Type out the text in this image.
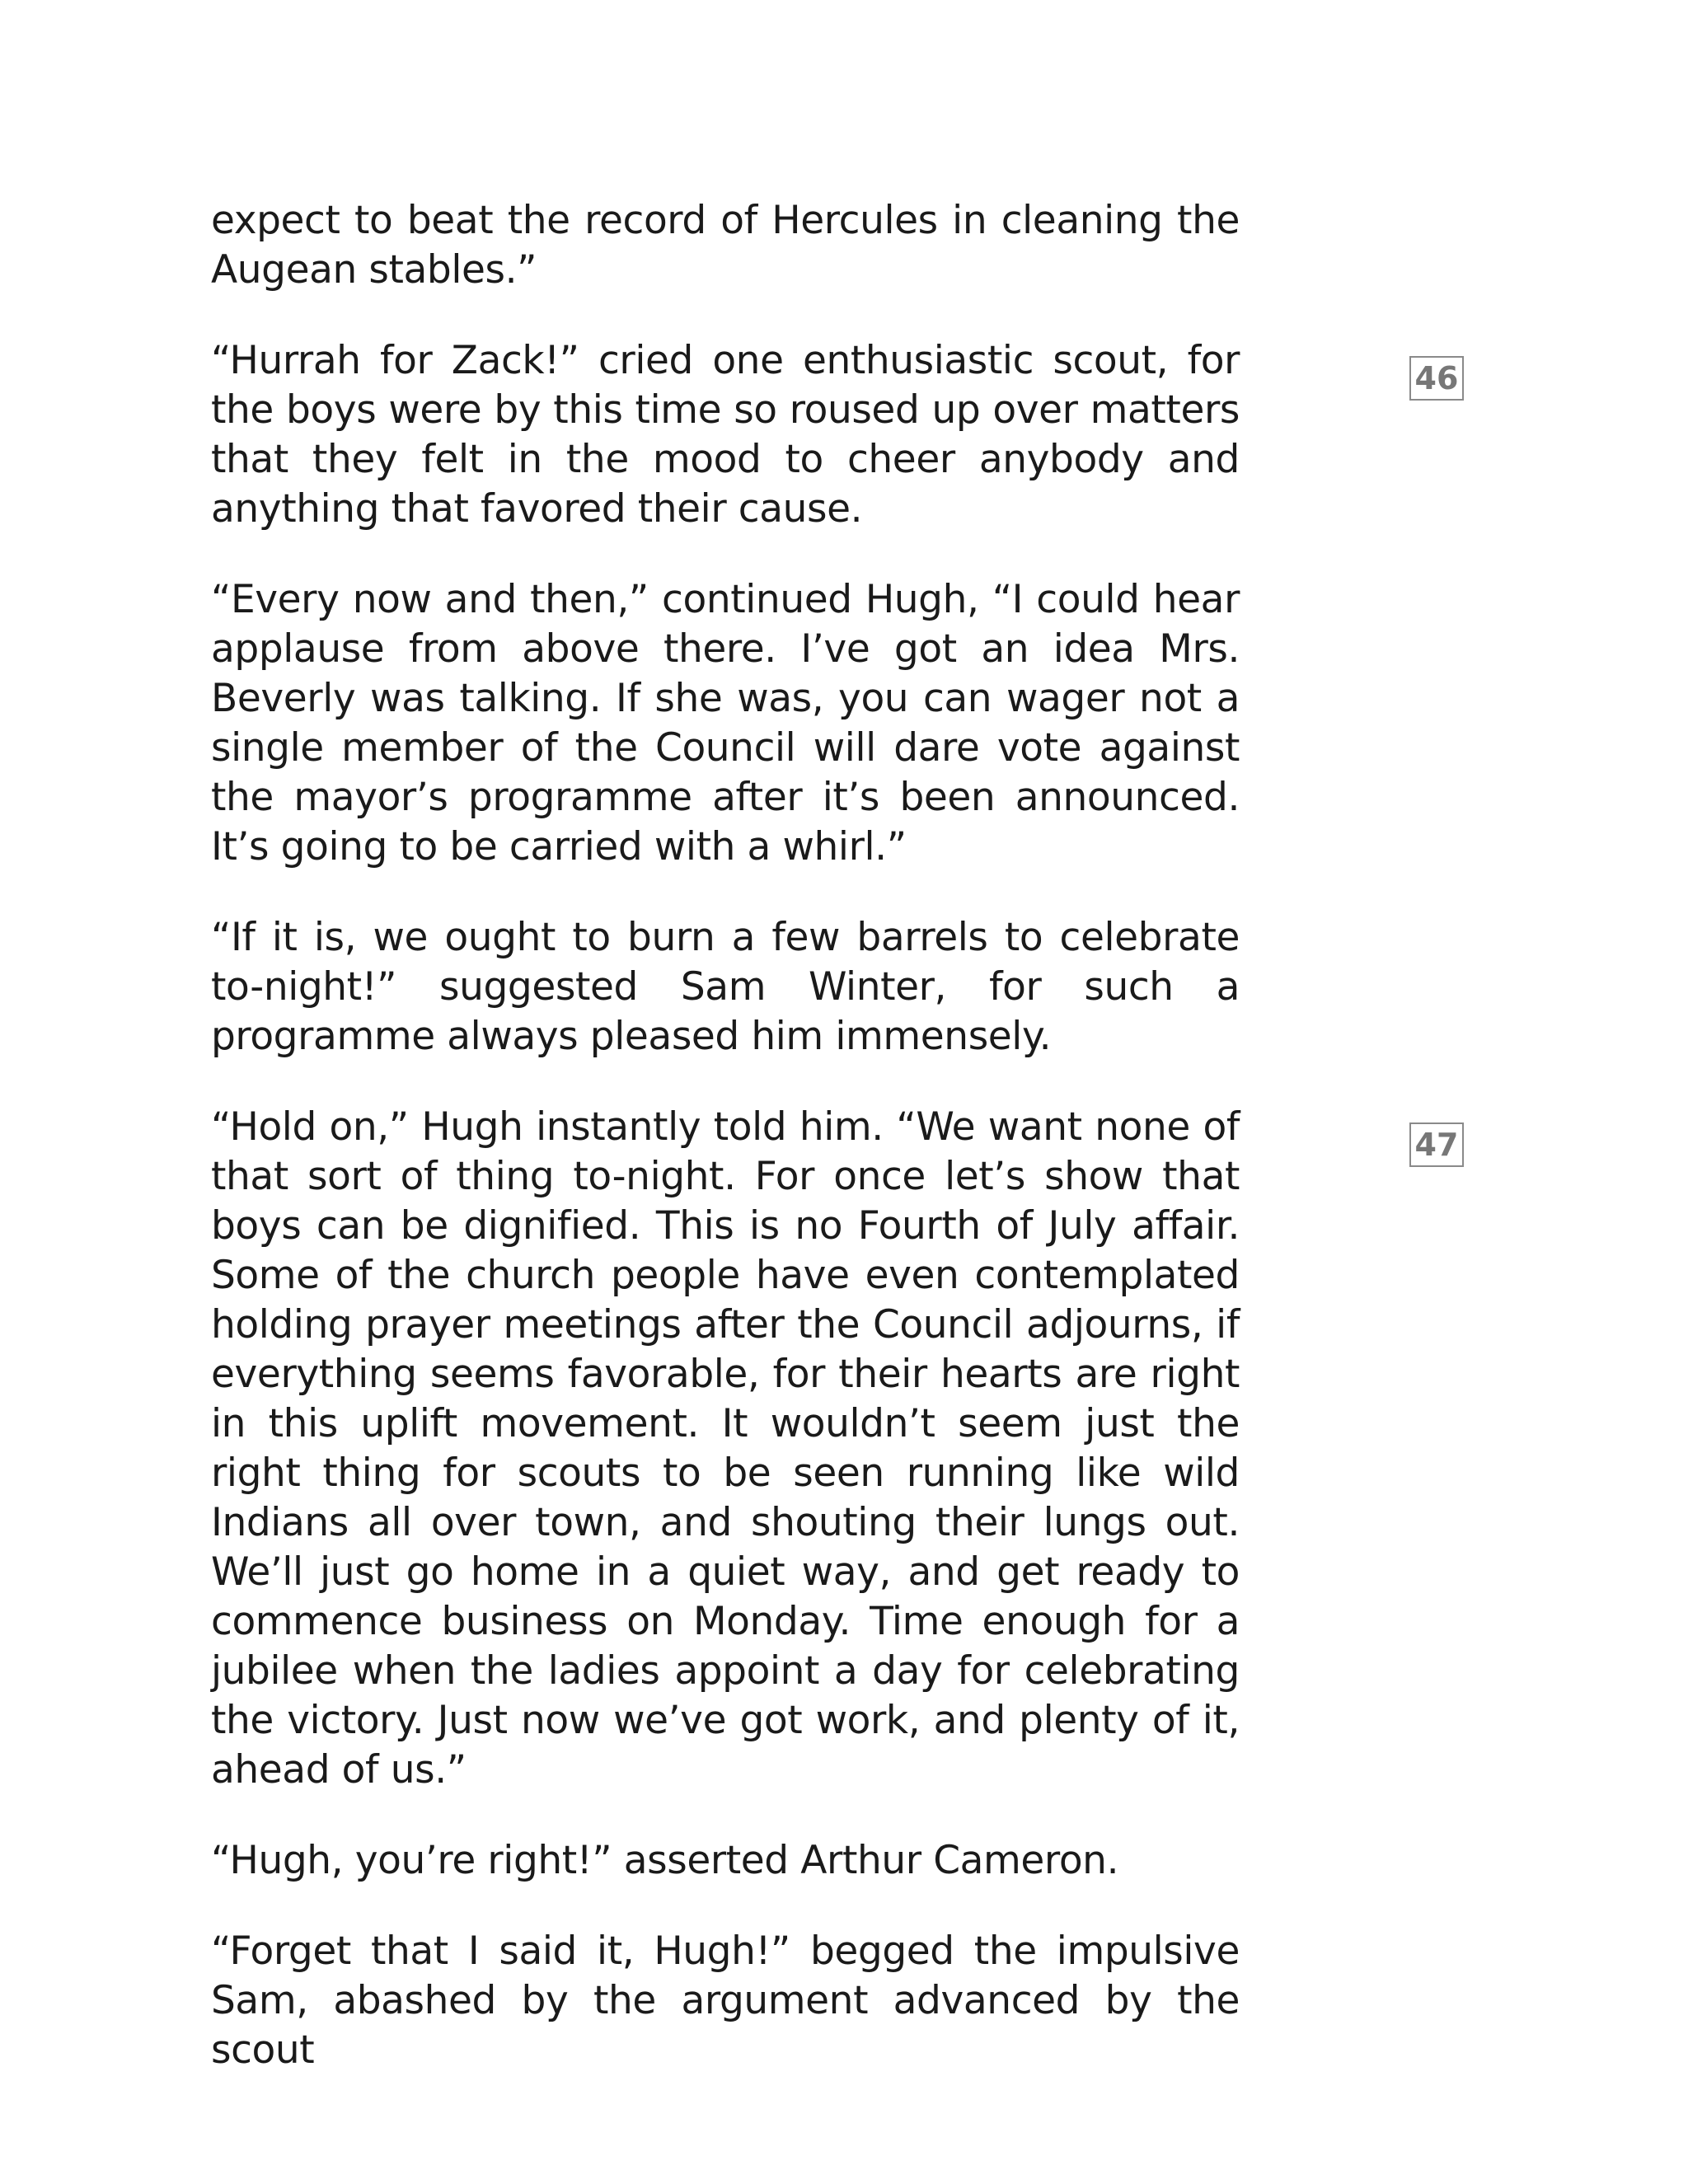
expect to beat the record of Hercules in cleaning the Augean stables.”

“Hurrah for Zack!” cried one enthusiastic scout, for the boys were by this time so roused up over matters that they felt in the mood to cheer anybody and anything that favored their cause.

“Every now and then,” continued Hugh, “I could hear applause from above there. I’ve got an idea Mrs. Beverly was talking. If she was, you can wager not a single member of the Council will dare vote against the mayor’s programme after it’s been announced. It’s going to be carried with a whirl.”

“If it is, we ought to burn a few barrels to celebrate to-night!” suggested Sam Winter, for such a programme always pleased him immensely.

“Hold on,” Hugh instantly told him. “We want none of that sort of thing to-night. For once let’s show that boys can be dignified. This is no Fourth of July affair. Some of the church people have even contemplated holding prayer meetings after the Council adjourns, if everything seems favorable, for their hearts are right in this uplift movement. It wouldn’t seem just the right thing for scouts to be seen running like wild Indians all over town, and shouting their lungs out. We’ll just go home in a quiet way, and get ready to commence business on Monday. Time enough for a jubilee when the ladies appoint a day for celebrating the victory. Just now we’ve got work, and plenty of it, ahead of us.”

“Hugh, you’re right!” asserted Arthur Cameron.

“Forget that I said it, Hugh!” begged the impulsive Sam, abashed by the argument advanced by the scout

46
47
